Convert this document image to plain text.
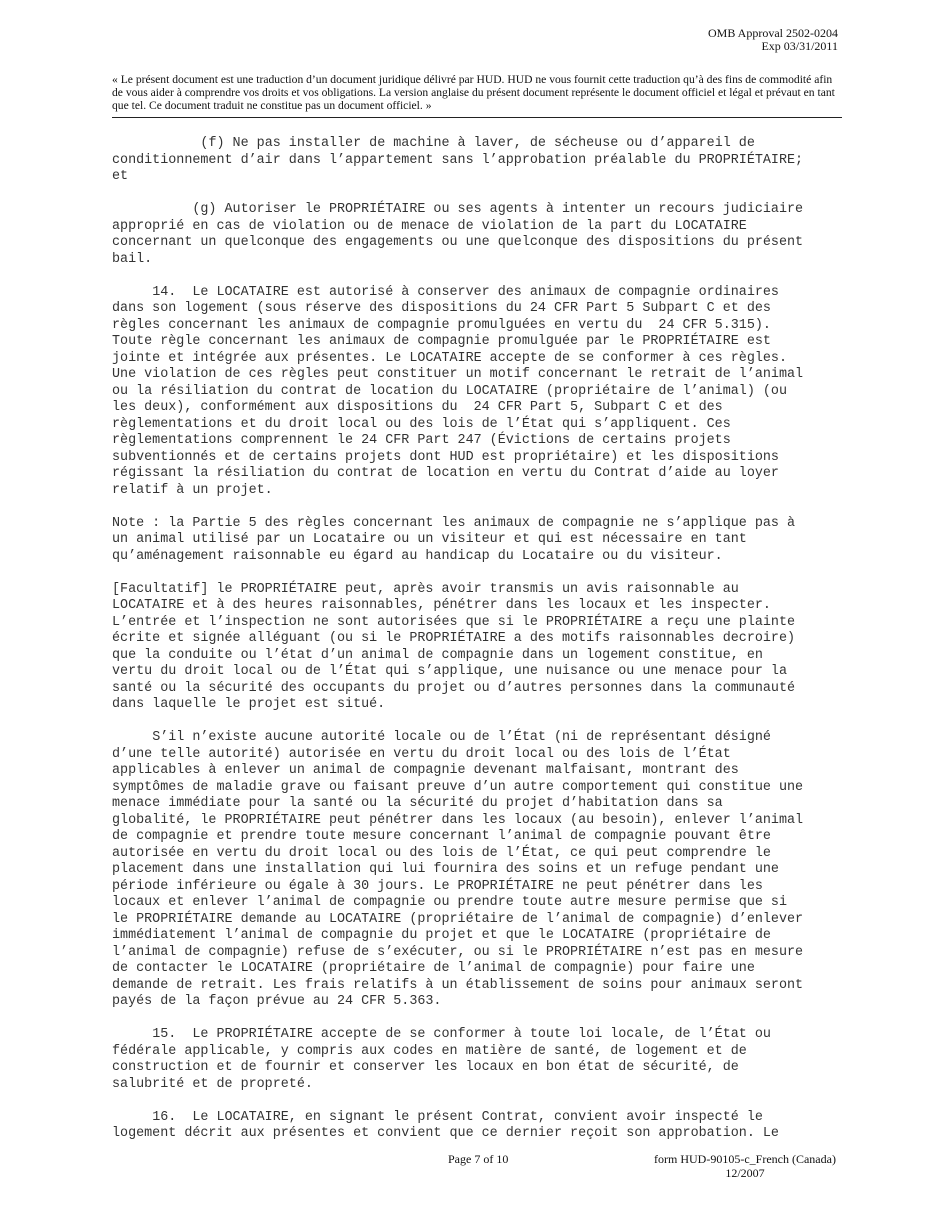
OMB Approval 2502-0204
Exp 03/31/2011
« Le présent document est une traduction d’un document juridique délivré par HUD. HUD ne vous fournit cette traduction qu’à des fins de commodité afin de vous aider à comprendre vos droits et vos obligations. La version anglaise du présent document représente le document officiel et légal et prévaut en tant que tel. Ce document traduit ne constitue pas un document officiel. »

(f) Ne pas installer de machine à laver, de sécheuse ou d’appareil de
conditionnement d’air dans l’appartement sans l’approbation préalable du PROPRIÉTAIRE;
et

(g) Autoriser le PROPRIÉTAIRE ou ses agents à intenter un recours judiciaire
approprié en cas de violation ou de menace de violation de la part du LOCATAIRE
concernant un quelconque des engagements ou une quelconque des dispositions du présent
bail.

14.  Le LOCATAIRE est autorisé à conserver des animaux de compagnie ordinaires
dans son logement (sous réserve des dispositions du 24 CFR Part 5 Subpart C et des
règles concernant les animaux de compagnie promulguées en vertu du  24 CFR 5.315).
Toute règle concernant les animaux de compagnie promulguée par le PROPRIÉTAIRE est
jointe et intégrée aux présentes. Le LOCATAIRE accepte de se conformer à ces règles.
Une violation de ces règles peut constituer un motif concernant le retrait de l’animal
ou la résiliation du contrat de location du LOCATAIRE (propriétaire de l’animal) (ou
les deux), conformément aux dispositions du  24 CFR Part 5, Subpart C et des
règlementations et du droit local ou des lois de l’État qui s’appliquent. Ces
règlementations comprennent le 24 CFR Part 247 (Évictions de certains projets
subventionnés et de certains projets dont HUD est propriétaire) et les dispositions
régissant la résiliation du contrat de location en vertu du Contrat d’aide au loyer
relatif à un projet.

Note : la Partie 5 des règles concernant les animaux de compagnie ne s’applique pas à
un animal utilisé par un Locataire ou un visiteur et qui est nécessaire en tant
qu’aménagement raisonnable eu égard au handicap du Locataire ou du visiteur.

[Facultatif] le PROPRIÉTAIRE peut, après avoir transmis un avis raisonnable au
LOCATAIRE et à des heures raisonnables, pénétrer dans les locaux et les inspecter.
L’entrée et l’inspection ne sont autorisées que si le PROPRIÉTAIRE a reçu une plainte
écrite et signée alléguant (ou si le PROPRIÉTAIRE a des motifs raisonnables decroire)
que la conduite ou l’état d’un animal de compagnie dans un logement constitue, en
vertu du droit local ou de l’État qui s’applique, une nuisance ou une menace pour la
santé ou la sécurité des occupants du projet ou d’autres personnes dans la communauté
dans laquelle le projet est situé.

S’il n’existe aucune autorité locale ou de l’État (ni de représentant désigné
d’une telle autorité) autorisée en vertu du droit local ou des lois de l’État
applicables à enlever un animal de compagnie devenant malfaisant, montrant des
symptômes de maladie grave ou faisant preuve d’un autre comportement qui constitue une
menace immédiate pour la santé ou la sécurité du projet d’habitation dans sa
globalité, le PROPRIÉTAIRE peut pénétrer dans les locaux (au besoin), enlever l’animal
de compagnie et prendre toute mesure concernant l’animal de compagnie pouvant être
autorisée en vertu du droit local ou des lois de l’État, ce qui peut comprendre le
placement dans une installation qui lui fournira des soins et un refuge pendant une
période inférieure ou égale à 30 jours. Le PROPRIÉTAIRE ne peut pénétrer dans les
locaux et enlever l’animal de compagnie ou prendre toute autre mesure permise que si
le PROPRIÉTAIRE demande au LOCATAIRE (propriétaire de l’animal de compagnie) d’enlever
immédiatement l’animal de compagnie du projet et que le LOCATAIRE (propriétaire de
l’animal de compagnie) refuse de s’exécuter, ou si le PROPRIÉTAIRE n’est pas en mesure
de contacter le LOCATAIRE (propriétaire de l’animal de compagnie) pour faire une
demande de retrait. Les frais relatifs à un établissement de soins pour animaux seront
payés de la façon prévue au 24 CFR 5.363.

15.  Le PROPRIÉTAIRE accepte de se conformer à toute loi locale, de l’État ou
fédérale applicable, y compris aux codes en matière de santé, de logement et de
construction et de fournir et conserver les locaux en bon état de sécurité, de
salubrité et de propreté.

16.  Le LOCATAIRE, en signant le présent Contrat, convient avoir inspecté le
logement décrit aux présentes et convient que ce dernier reçoit son approbation. Le

Page 7 of 10	form HUD-90105-c_French (Canada)
12/2007
